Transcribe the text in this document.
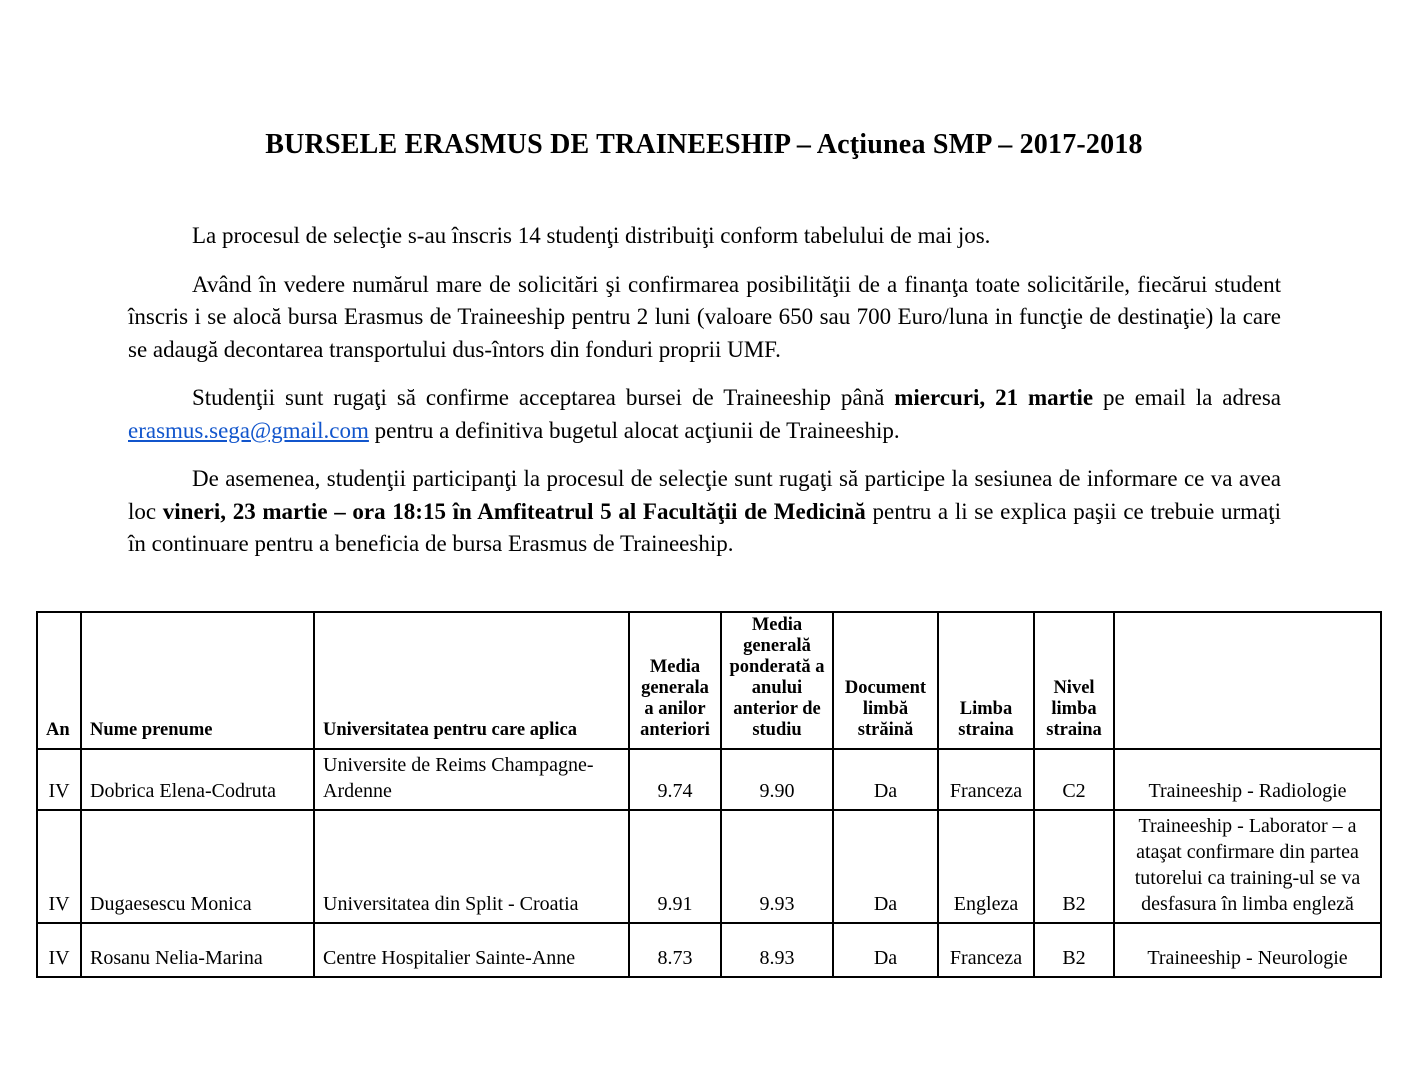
BURSELE ERASMUS DE TRAINEESHIP – Acţiunea SMP – 2017-2018

La procesul de selecţie s-au înscris 14 studenţi distribuiţi conform tabelului de mai jos.

Având în vedere numărul mare de solicitări şi confirmarea posibilităţii de a finanţa toate solicitările, fiecărui student înscris i se alocă bursa Erasmus de Traineeship pentru 2 luni (valoare 650 sau 700 Euro/luna in funcţie de destinaţie) la care se adaugă decontarea transportului dus-întors din fonduri proprii UMF.

Studenţii sunt rugaţi să confirme acceptarea bursei de Traineeship până miercuri, 21 martie pe email la adresa erasmus.sega@gmail.com pentru a definitiva bugetul alocat acţiunii de Traineeship.

De asemenea, studenţii participanţi la procesul de selecţie sunt rugaţi să participe la sesiunea de informare ce va avea loc vineri, 23 martie – ora 18:15 în Amfiteatrul 5 al Facultăţii de Medicină pentru a li se explica paşii ce trebuie urmaţi în continuare pentru a beneficia de bursa Erasmus de Traineeship.

An	Nume prenume	Universitatea pentru care aplica	Media generala a anilor anteriori	Media generală ponderată a anului anterior de studiu	Document limbă străină	Limba straina	Nivel limba straina	
IV	Dobrica Elena-Codruta	Universite de Reims Champagne-Ardenne	9.74	9.90	Da	Franceza	C2	Traineeship - Radiologie
IV	Dugaesescu Monica	Universitatea din Split - Croatia	9.91	9.93	Da	Engleza	B2	Traineeship - Laborator – a ataşat confirmare din partea tutorelui ca training-ul se va desfasura în limba engleză
IV	Rosanu Nelia-Marina	Centre Hospitalier Sainte-Anne	8.73	8.93	Da	Franceza	B2	Traineeship - Neurologie
